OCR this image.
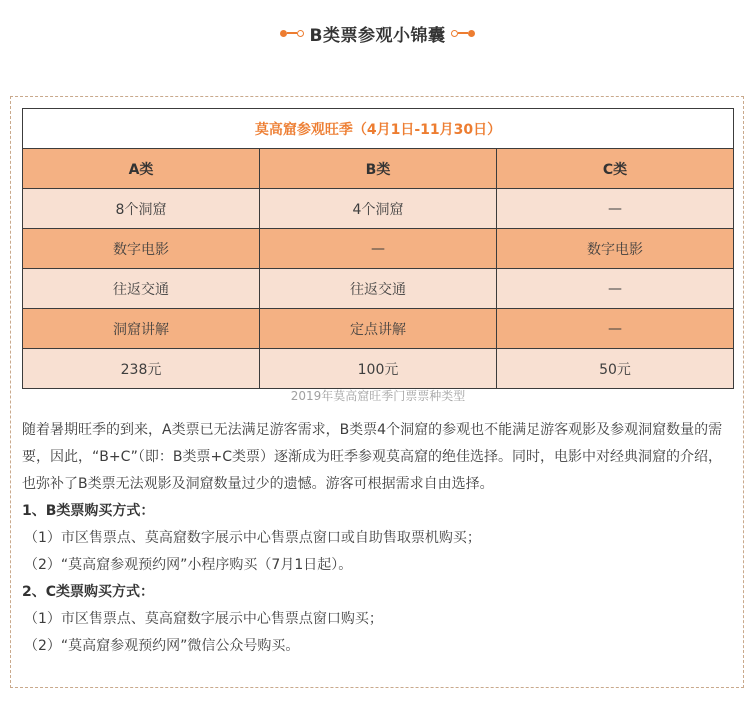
B类票参观小锦囊
莫高窟参观旺季（4月1日-11月30日）		
A类	B类	C类
8个洞窟	4个洞窟	—
数字电影	—	数字电影
往返交通	往返交通	—
洞窟讲解	定点讲解	—
238元	100元	50元
2019年莫高窟旺季门票票种类型

随着暑期旺季的到来，A类票已无法满足游客需求，B类票4个洞窟的参观也不能满足游客观影及参观洞窟数量的需要，因此，“B+C”（即：B类票+C类票）逐渐成为旺季参观莫高窟的绝佳选择。同时，电影中对经典洞窟的介绍，也弥补了B类票无法观影及洞窟数量过少的遗憾。游客可根据需求自由选择。

1、B类票购买方式：

（1）市区售票点、莫高窟数字展示中心售票点窗口或自助售取票机购买；

（2）“莫高窟参观预约网”小程序购买（7月1日起）。

2、C类票购买方式：

（1）市区售票点、莫高窟数字展示中心售票点窗口购买；

（2）“莫高窟参观预约网”微信公众号购买。
